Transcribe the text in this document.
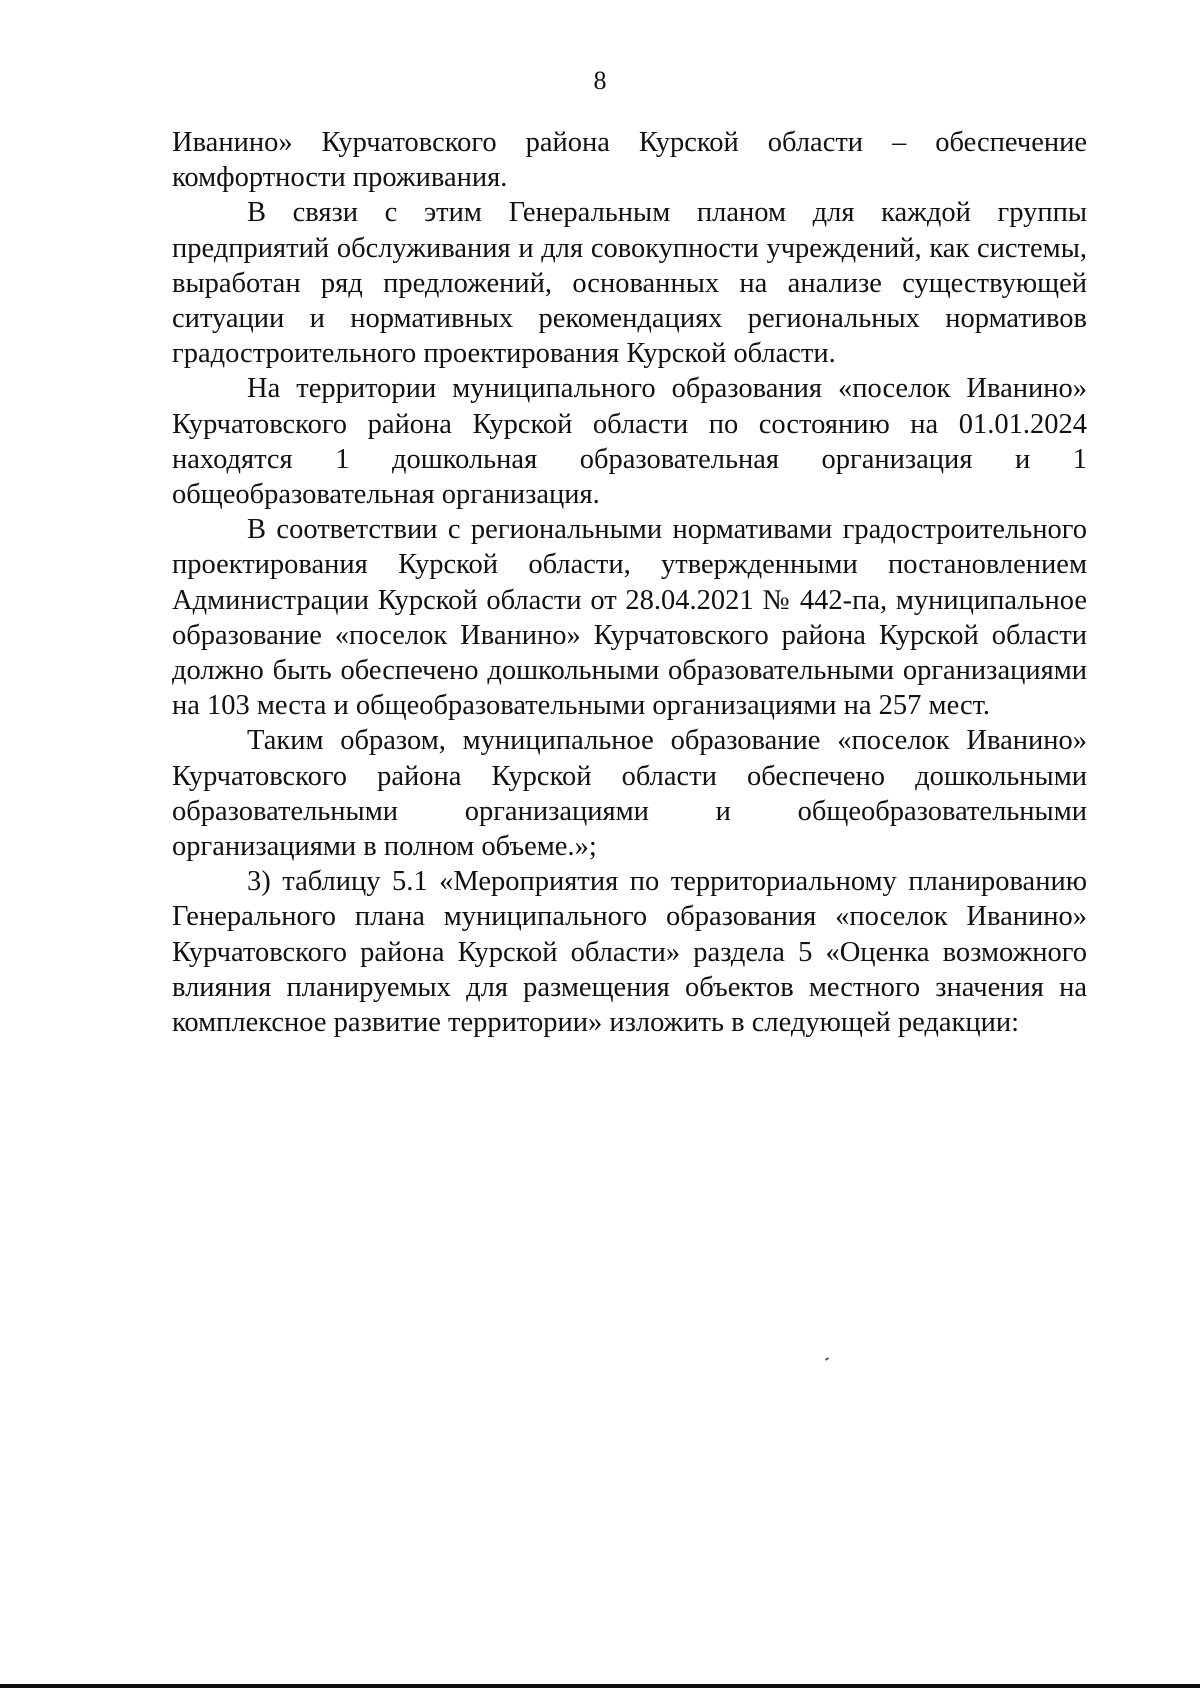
8

Иванино» Курчатовского района Курской области – обеспечение комфортности проживания.

В связи с этим Генеральным планом для каждой группы предприятий обслуживания и для совокупности учреждений, как системы, выработан ряд предложений, основанных на анализе существующей ситуации и нормативных рекомендациях региональных нормативов градостроительного проектирования Курской области.

На территории муниципального образования «поселок Иванино» Курчатовского района Курской области по состоянию на 01.01.2024 находятся 1 дошкольная образовательная организация и 1 общеобразовательная организация.

В соответствии с региональными нормативами градостроительного проектирования Курской области, утвержденными постановлением Администрации Курской области от 28.04.2021 № 442-па, муниципальное образование «поселок Иванино» Курчатовского района Курской области должно быть обеспечено дошкольными образовательными организациями на 103 места и общеобразовательными организациями на 257 мест.

Таким образом, муниципальное образование «поселок Иванино» Курчатовского района Курской области обеспечено дошкольными образовательными организациями и общеобразовательными организациями в полном объеме.»;

3) таблицу 5.1 «Мероприятия по территориальному планированию Генерального плана муниципального образования «поселок Иванино» Курчатовского района Курской области» раздела 5 «Оценка возможного влияния планируемых для размещения объектов местного значения на комплексное развитие территории» изложить в следующей редакции:
